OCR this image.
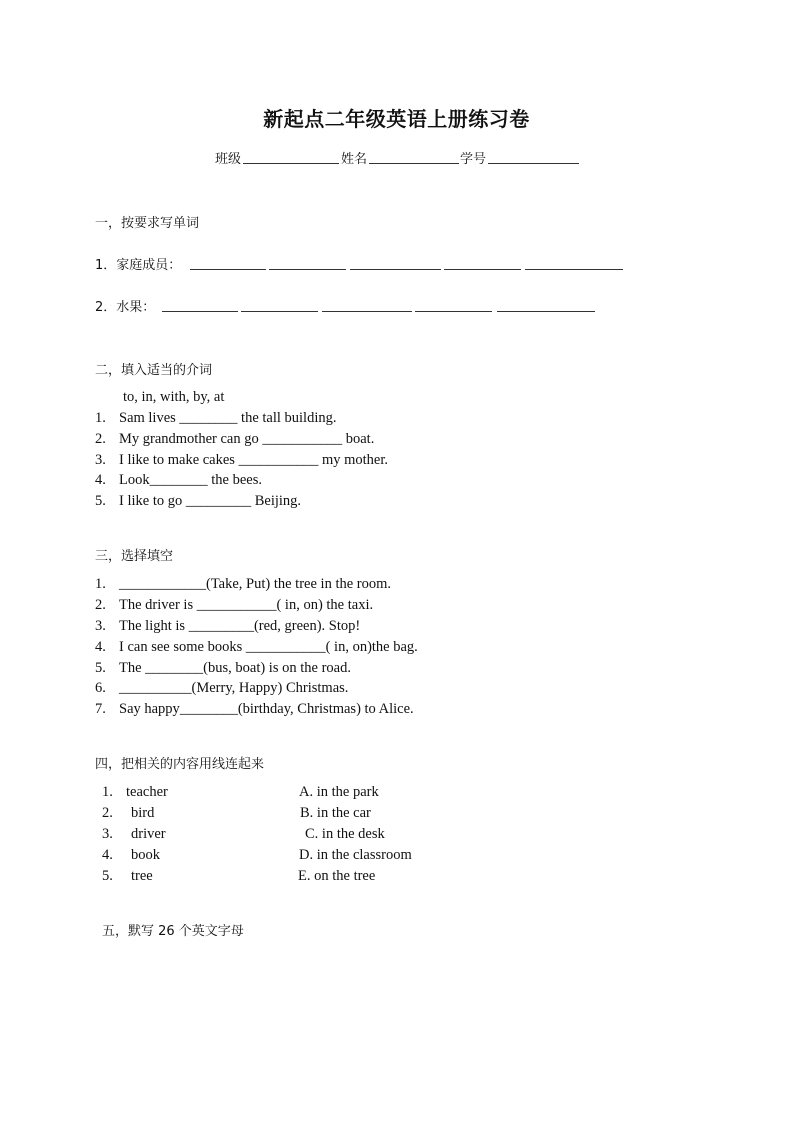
新起点二年级英语上册练习卷
班级	姓名	学号
一，按要求写单词
1．家庭成员：
2．水果：
二，填入适当的介词
to, in, with, by, at
1. Sam lives ________ the tall building.
2. My grandmother can go ___________ boat.
3. I like to make cakes ___________ my mother.
4. Look________ the bees.
5. I like to go _________ Beijing.
三，选择填空
1. ____________(Take, Put) the tree in the room.
2. The driver is ___________( in, on) the taxi.
3. The light is _________(red, green). Stop!
4. I can see some books ___________( in, on)the bag.
5. The ________(bus, boat) is on the road.
6. __________(Merry, Happy) Christmas.
7. Say happy________(birthday, Christmas) to Alice.
四，把相关的内容用线连起来
1. teacher
2. bird
3. driver
4. book
5. tree
A. in the park
B. in the car
C. in the desk
D. in the classroom
E. on the tree
五，默写 26 个英文字母
